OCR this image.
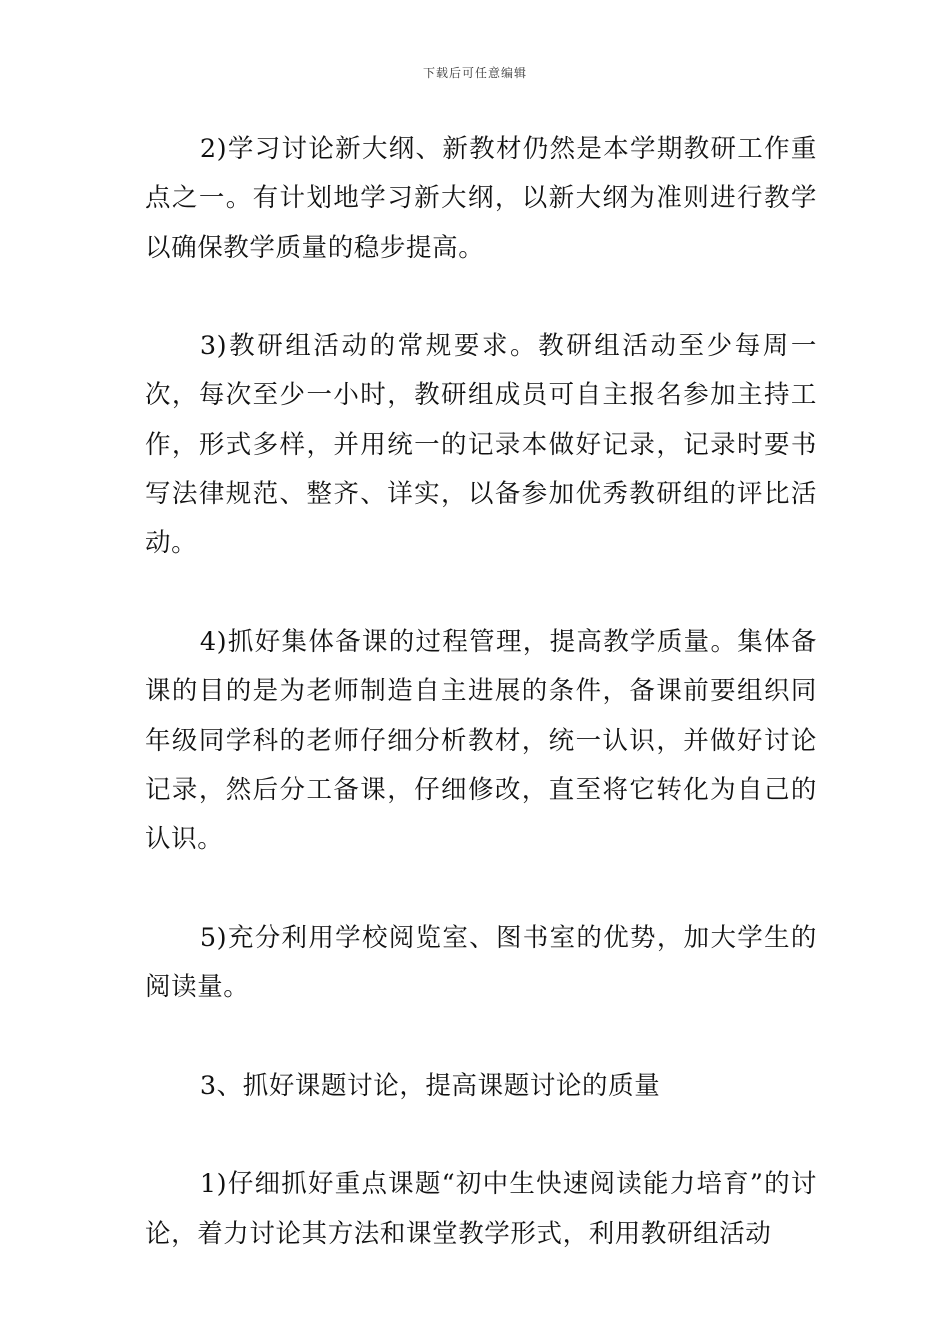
下载后可任意编辑

2)学习讨论新大纲、新教材仍然是本学期教研工作重点之一。有计划地学习新大纲，以新大纲为准则进行教学以确保教学质量的稳步提高。

3)教研组活动的常规要求。教研组活动至少每周一次，每次至少一小时，教研组成员可自主报名参加主持工作，形式多样，并用统一的记录本做好记录，记录时要书写法律规范、整齐、详实，以备参加优秀教研组的评比活动。

4)抓好集体备课的过程管理，提高教学质量。集体备课的目的是为老师制造自主进展的条件，备课前要组织同年级同学科的老师仔细分析教材，统一认识，并做好讨论记录，然后分工备课，仔细修改，直至将它转化为自己的认识。

5)充分利用学校阅览室、图书室的优势，加大学生的阅读量。

3、抓好课题讨论，提高课题讨论的质量

1)仔细抓好重点课题“初中生快速阅读能力培育”的讨论，着力讨论其方法和课堂教学形式，利用教研组活动
